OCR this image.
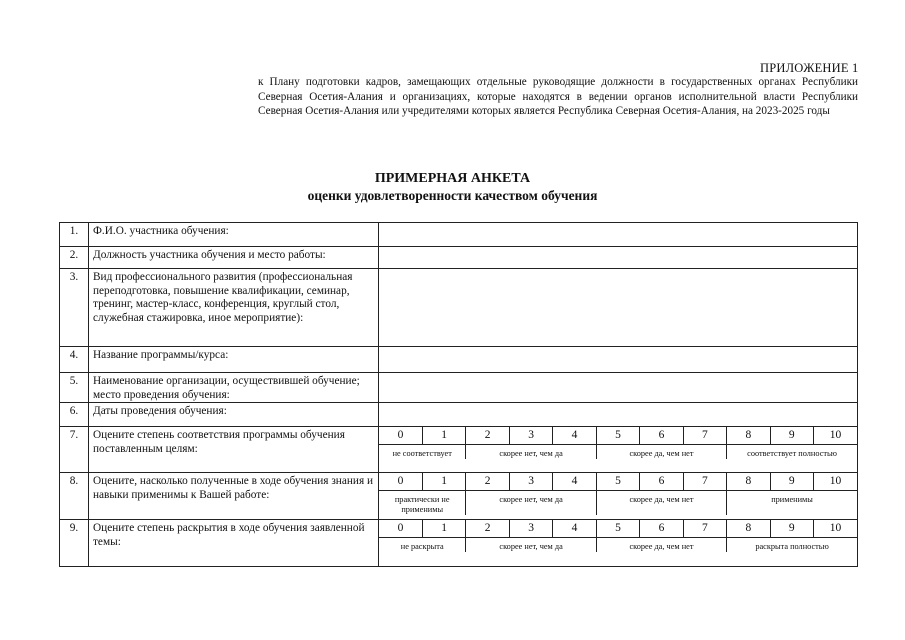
ПРИЛОЖЕНИЕ 1
к Плану подготовки кадров, замещающих отдельные руководящие должности в государственных органах Республики Северная Осетия-Алания и организациях, которые находятся в ведении органов исполнительной власти Республики Северная Осетия-Алания или учредителями которых является Республика Северная Осетия-Алания, на 2023-2025 годы
ПРИМЕРНАЯ АНКЕТА
оценки удовлетворенности качеством обучения
1.	Ф.И.О. участника обучения:	
2.	Должность участника обучения и место работы:	
3.	Вид профессионального развития (профессиональная переподготовка, повышение квалификации, семинар, тренинг, мастер-класс, конференция, круглый стол, служебная стажировка, иное мероприятие):	
4.	Название программы/курса:	
5.	Наименование организации, осуществившей обучение; место проведения обучения:	
6.	Даты проведения обучения:	
7.	Оцените степень соответствия программы обучения поставленным целям:	
0	1	2	3	4	5	6	7	8	9	10
не соответствует	скорее нет, чем да	скорее да, чем нет	соответствует полностью

8.	Оцените, насколько полученные в ходе обучения знания и навыки применимы к Вашей работе:	
0	1	2	3	4	5	6	7	8	9	10
практически не применимы	скорее нет, чем да	скорее да, чем нет	применимы

9.	Оцените степень раскрытия в ходе обучения заявленной темы:	
0	1	2	3	4	5	6	7	8	9	10
не раскрыта	скорее нет, чем да	скорее да, чем нет	раскрыта полностью
